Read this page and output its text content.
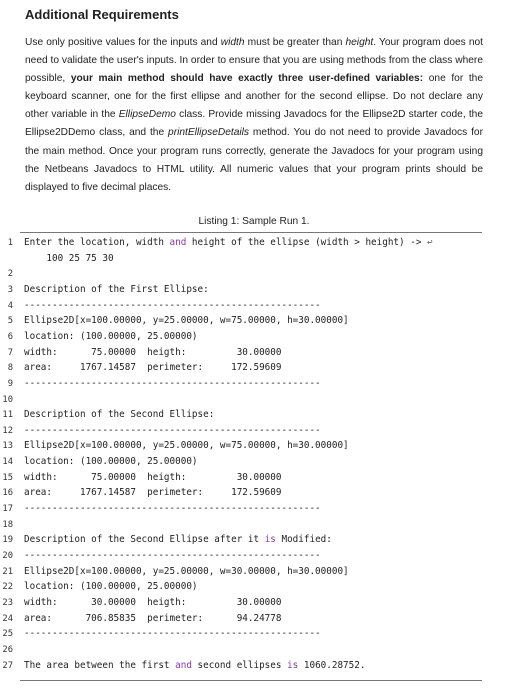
Additional Requirements

Use only positive values for the inputs and width must be greater than height. Your program does not need to validate the user's inputs. In order to ensure that you are using methods from the class where possible, your main method should have exactly three user-defined variables: one for the keyboard scanner, one for the first ellipse and another for the second ellipse. Do not declare any other variable in the EllipseDemo class. Provide missing Javadocs for the Ellipse2D starter code, the Ellipse2DDemo class, and the printEllipseDetails method. You do not need to provide Javadocs for the main method. Once your program runs correctly, generate the Javadocs for your program using the Netbeans Javadocs to HTML utility. All numeric values that your program prints should be displayed to five decimal places.

Listing 1: Sample Run 1.
1 Enter the location, width and height of the ellipse (width > height) -> ↩
100 25 75 30
2
3 Description of the First Ellipse:
4 -----------------------------------------------------
5 Ellipse2D[x=100.00000, y=25.00000, w=75.00000, h=30.00000]
6 location: (100.00000, 25.00000)
7 width:      75.00000  heigth:         30.00000
8 area:     1767.14587  perimeter:     172.59609
9 -----------------------------------------------------
10
11 Description of the Second Ellipse:
12 -----------------------------------------------------
13 Ellipse2D[x=100.00000, y=25.00000, w=75.00000, h=30.00000]
14 location: (100.00000, 25.00000)
15 width:      75.00000  heigth:         30.00000
16 area:     1767.14587  perimeter:     172.59609
17 -----------------------------------------------------
18
19 Description of the Second Ellipse after it is Modified:
20 -----------------------------------------------------
21 Ellipse2D[x=100.00000, y=25.00000, w=30.00000, h=30.00000]
22 location: (100.00000, 25.00000)
23 width:      30.00000  heigth:         30.00000
24 area:      706.85835  perimeter:      94.24778
25 -----------------------------------------------------
26
27 The area between the first and second ellipses is 1060.28752.
